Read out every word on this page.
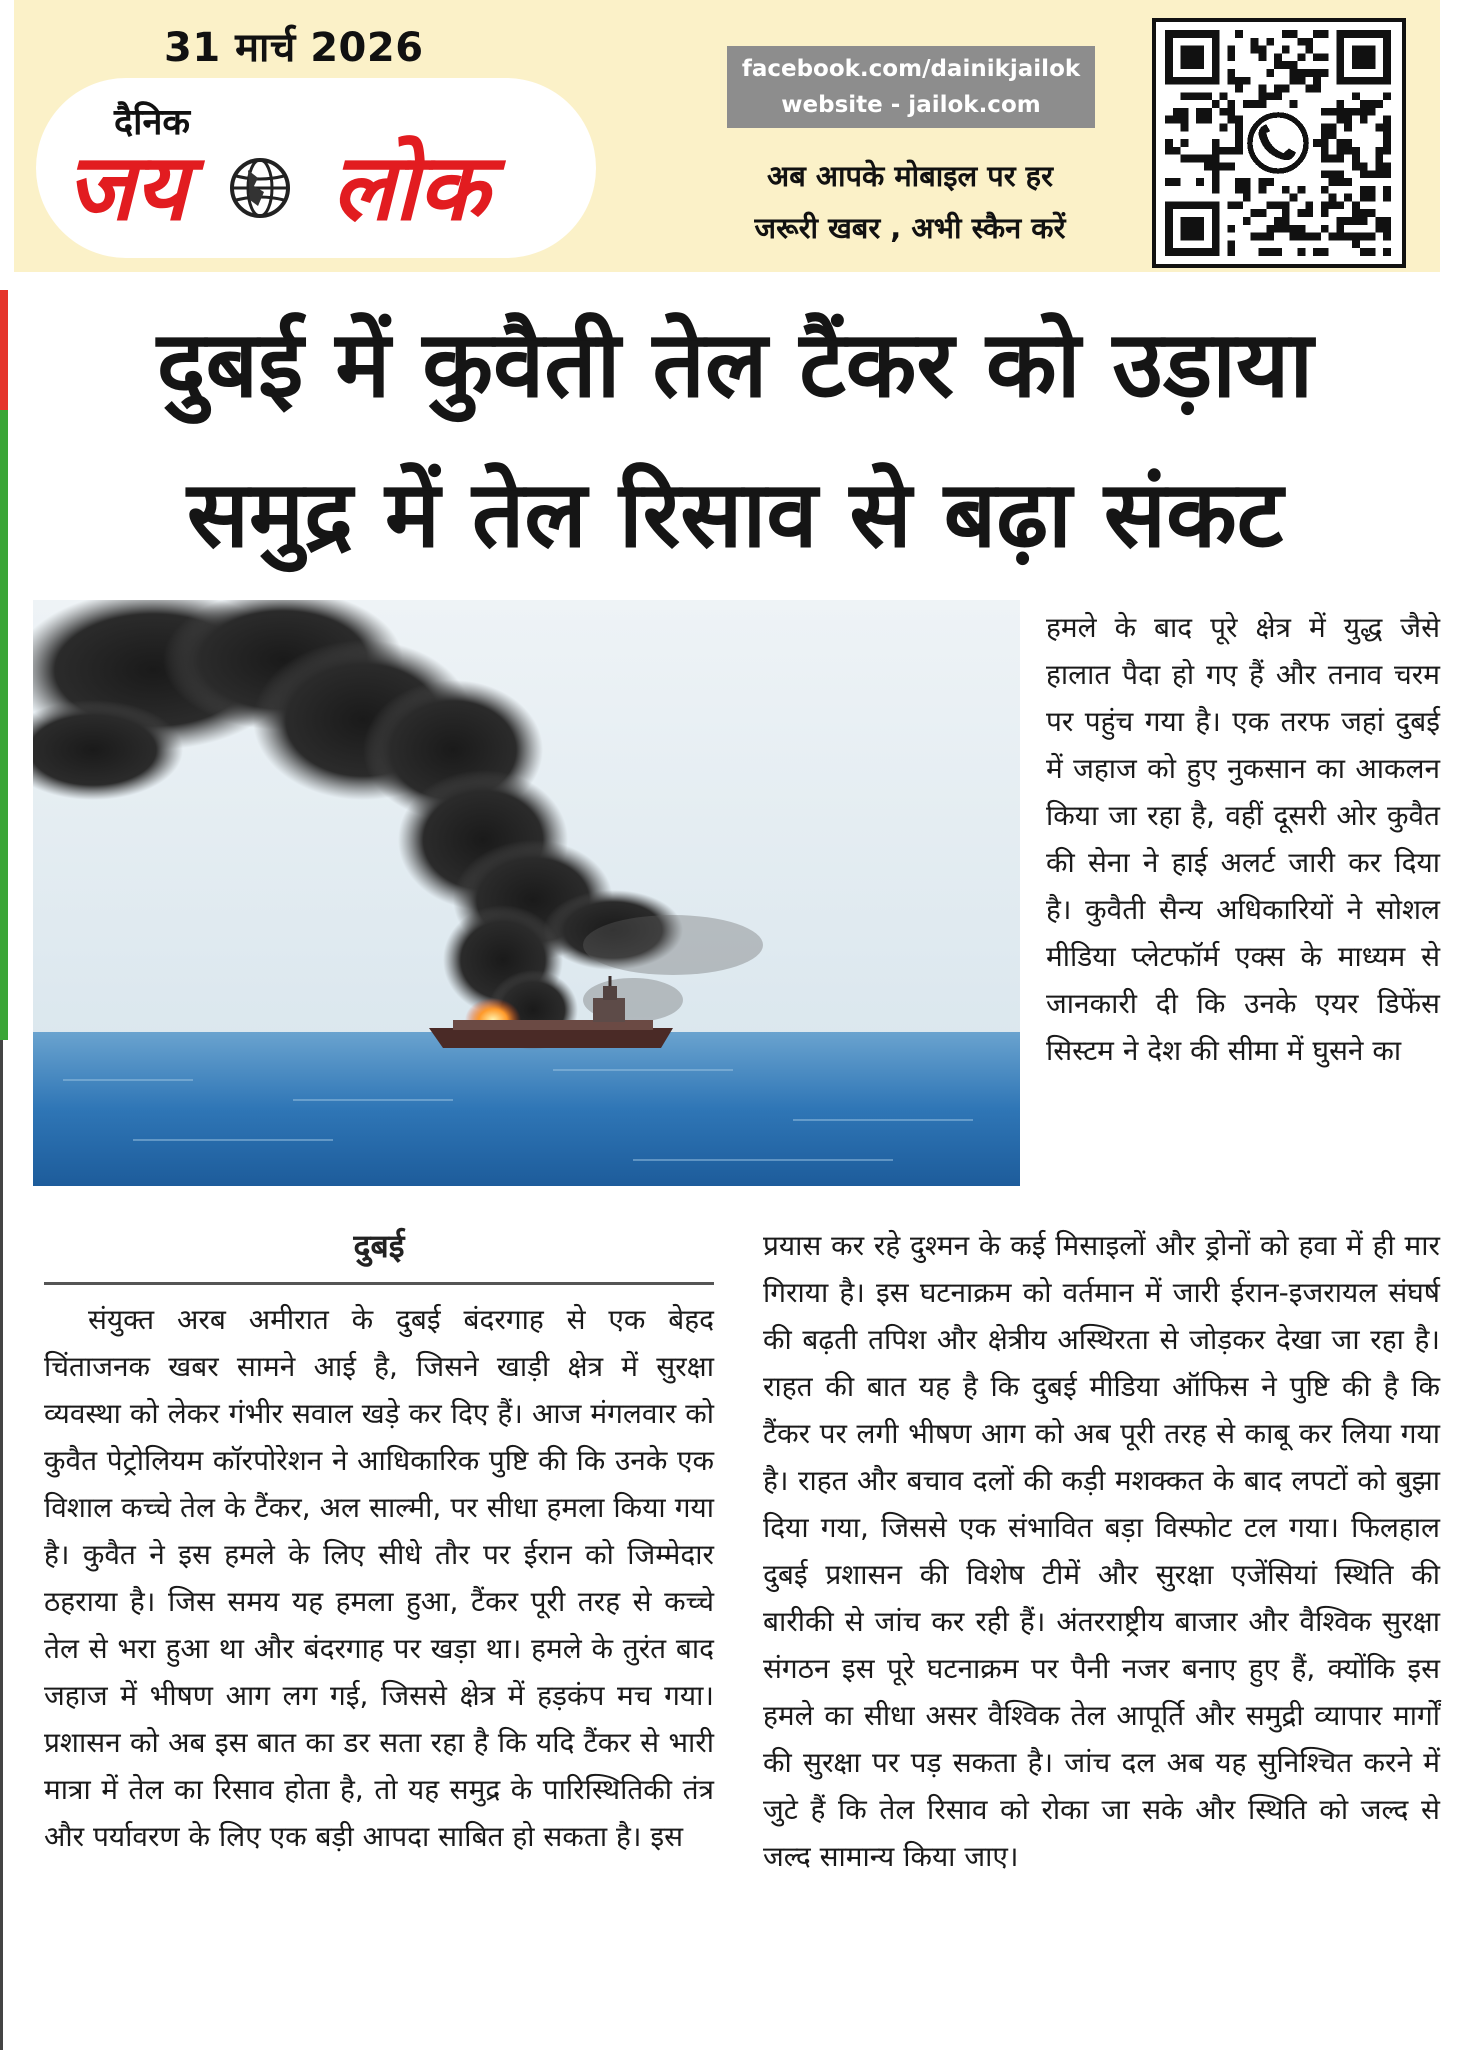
31 मार्च 2026
दैनिक
जय लोक
facebook.com/dainikjailok
website - jailok.com
अब आपके मोबाइल पर हर
जरूरी खबर , अभी स्कैन करें
दुबई में कुवैती तेल टैंकर को उड़ाया
समुद्र में तेल रिसाव से बढ़ा संकट
हमले के बाद पूरे क्षेत्र में युद्ध जैसे हालात पैदा हो गए हैं और तनाव चरम पर पहुंच गया है। एक तरफ जहां दुबई में जहाज को हुए नुकसान का आकलन किया जा रहा है, वहीं दूसरी ओर कुवैत की सेना ने हाई अलर्ट जारी कर दिया है। कुवैती सैन्य अधिकारियों ने सोशल मीडिया प्लेटफॉर्म एक्स के माध्यम से जानकारी दी कि उनके एयर डिफेंस सिस्टम ने देश की सीमा में घुसने का
दुबई
संयुक्त अरब अमीरात के दुबई बंदरगाह से एक बेहद चिंताजनक खबर सामने आई है, जिसने खाड़ी क्षेत्र में सुरक्षा व्यवस्था को लेकर गंभीर सवाल खड़े कर दिए हैं। आज मंगलवार को कुवैत पेट्रोलियम कॉरपोरेशन ने आधिकारिक पुष्टि की कि उनके एक विशाल कच्चे तेल के टैंकर, अल साल्मी, पर सीधा हमला किया गया है। कुवैत ने इस हमले के लिए सीधे तौर पर ईरान को जिम्मेदार ठहराया है। जिस समय यह हमला हुआ, टैंकर पूरी तरह से कच्चे तेल से भरा हुआ था और बंदरगाह पर खड़ा था। हमले के तुरंत बाद जहाज में भीषण आग लग गई, जिससे क्षेत्र में हड़कंप मच गया। प्रशासन को अब इस बात का डर सता रहा है कि यदि टैंकर से भारी मात्रा में तेल का रिसाव होता है, तो यह समुद्र के पारिस्थितिकी तंत्र और पर्यावरण के लिए एक बड़ी आपदा साबित हो सकता है। इस
प्रयास कर रहे दुश्मन के कई मिसाइलों और ड्रोनों को हवा में ही मार गिराया है। इस घटनाक्रम को वर्तमान में जारी ईरान-इजरायल संघर्ष की बढ़ती तपिश और क्षेत्रीय अस्थिरता से जोड़कर देखा जा रहा है। राहत की बात यह है कि दुबई मीडिया ऑफिस ने पुष्टि की है कि टैंकर पर लगी भीषण आग को अब पूरी तरह से काबू कर लिया गया है। राहत और बचाव दलों की कड़ी मशक्कत के बाद लपटों को बुझा दिया गया, जिससे एक संभावित बड़ा विस्फोट टल गया। फिलहाल दुबई प्रशासन की विशेष टीमें और सुरक्षा एजेंसियां स्थिति की बारीकी से जांच कर रही हैं। अंतरराष्ट्रीय बाजार और वैश्विक सुरक्षा संगठन इस पूरे घटनाक्रम पर पैनी नजर बनाए हुए हैं, क्योंकि इस हमले का सीधा असर वैश्विक तेल आपूर्ति और समुद्री व्यापार मार्गों की सुरक्षा पर पड़ सकता है। जांच दल अब यह सुनिश्चित करने में जुटे हैं कि तेल रिसाव को रोका जा सके और स्थिति को जल्द से जल्द सामान्य किया जाए।
